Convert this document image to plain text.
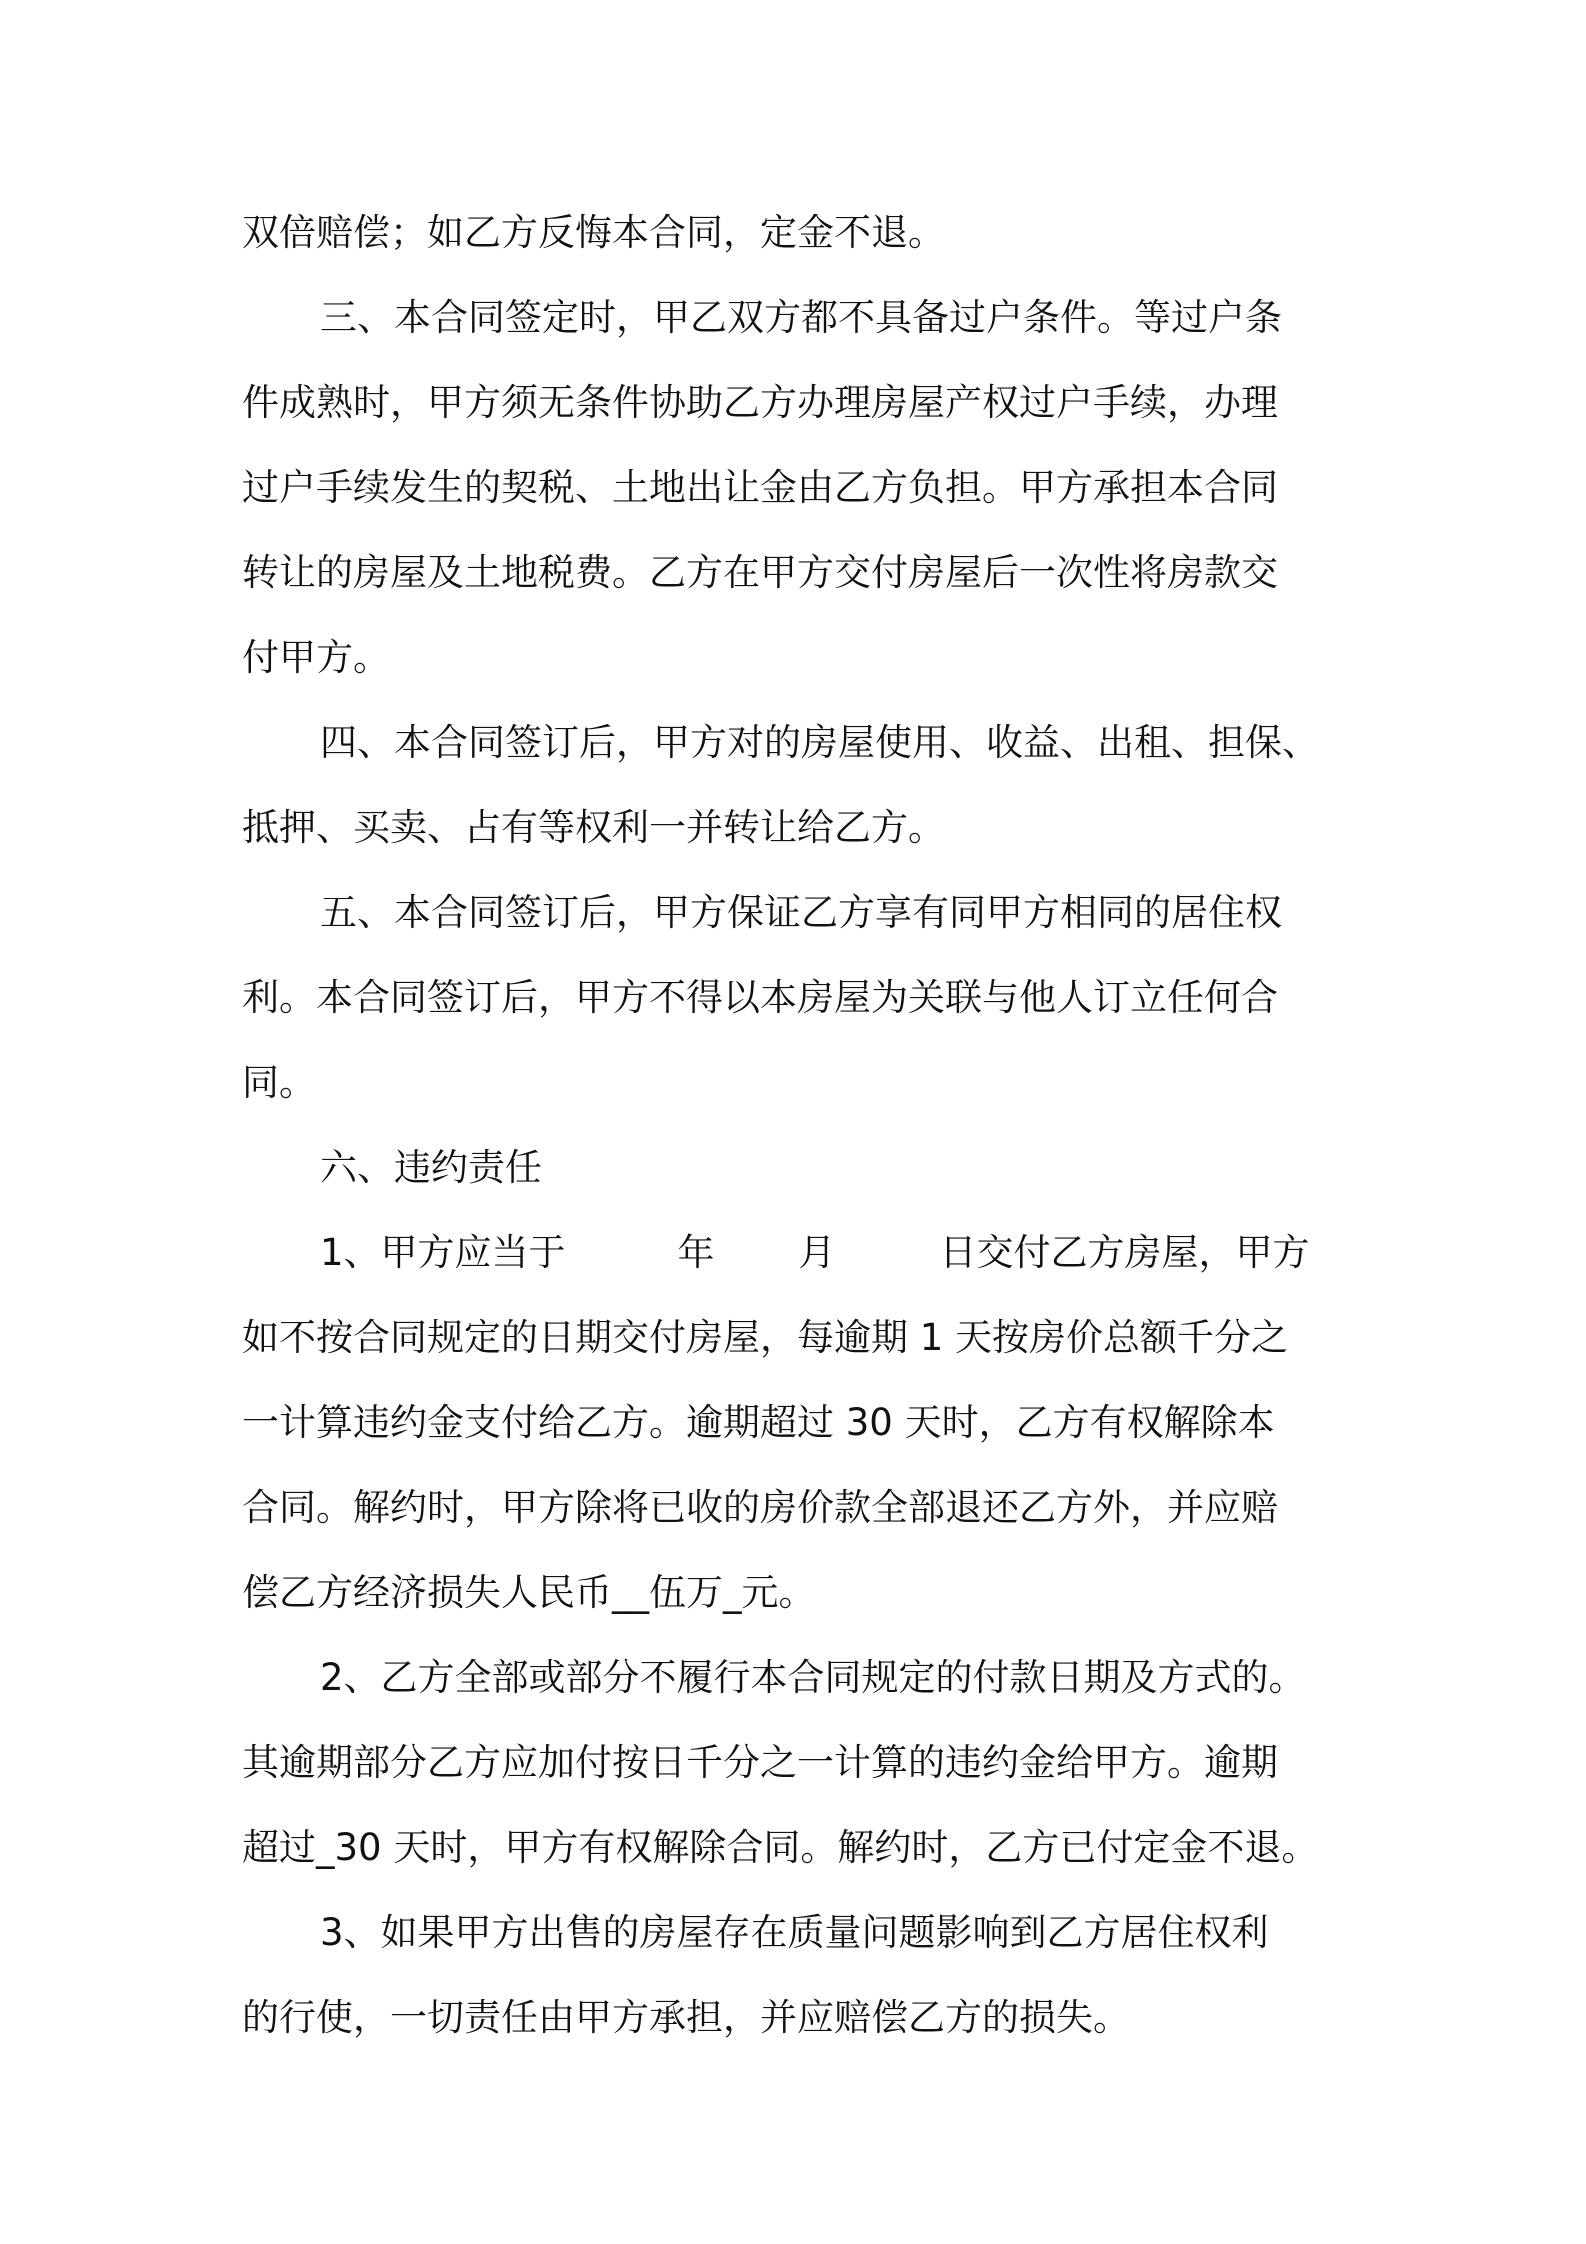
双倍赔偿；如乙方反悔本合同，定金不退。

三、本合同签定时，甲乙双方都不具备过户条件。等过户条

件成熟时，甲方须无条件协助乙方办理房屋产权过户手续，办理

过户手续发生的契税、土地出让金由乙方负担。甲方承担本合同

转让的房屋及土地税费。乙方在甲方交付房屋后一次性将房款交

付甲方。

四、本合同签订后，甲方对的房屋使用、收益、出租、担保、

抵押、买卖、占有等权利一并转让给乙方。

五、本合同签订后，甲方保证乙方享有同甲方相同的居住权

利。本合同签订后，甲方不得以本房屋为关联与他人订立任何合

同。

六、违约责任

1、甲方应当于	年 月	日交付乙方房屋，甲方

如不按合同规定的日期交付房屋，每逾期 1 天按房价总额千分之

一计算违约金支付给乙方。逾期超过 30 天时，乙方有权解除本

合同。解约时，甲方除将已收的房价款全部退还乙方外，并应赔

偿乙方经济损失人民币__伍万_元。

2、乙方全部或部分不履行本合同规定的付款日期及方式的。

其逾期部分乙方应加付按日千分之一计算的违约金给甲方。逾期

超过_30 天时，甲方有权解除合同。解约时，乙方已付定金不退。

3、如果甲方出售的房屋存在质量问题影响到乙方居住权利

的行使，一切责任由甲方承担，并应赔偿乙方的损失。
